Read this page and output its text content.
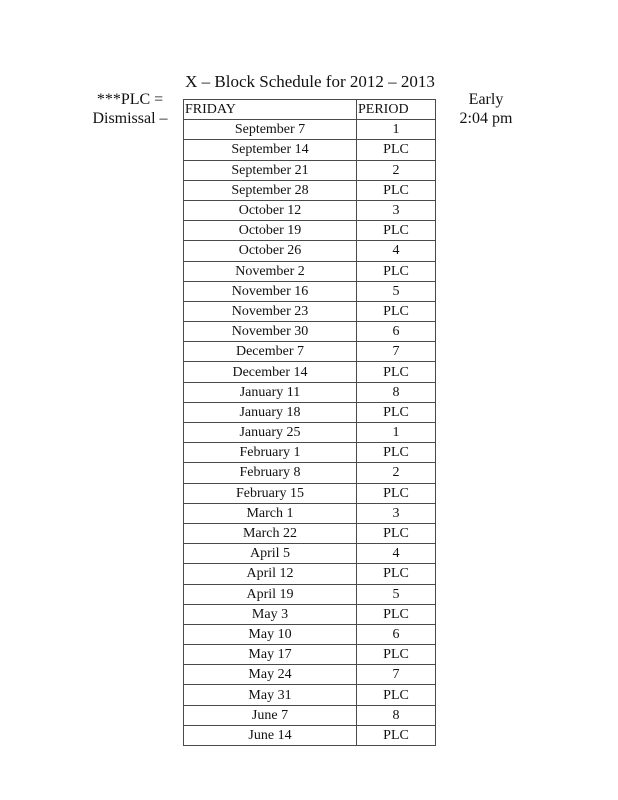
X – Block Schedule for 2012 – 2013
***PLC =
Dismissal –
Early
2:04 pm
FRIDAY	PERIOD
September 7	1
September 14	PLC
September 21	2
September 28	PLC
October 12	3
October 19	PLC
October 26	4
November 2	PLC
November 16	5
November 23	PLC
November 30	6
December 7	7
December 14	PLC
January 11	8
January 18	PLC
January 25	1
February 1	PLC
February 8	2
February 15	PLC
March 1	3
March 22	PLC
April 5	4
April 12	PLC
April 19	5
May 3	PLC
May 10	6
May 17	PLC
May 24	7
May 31	PLC
June 7	8
June 14	PLC
